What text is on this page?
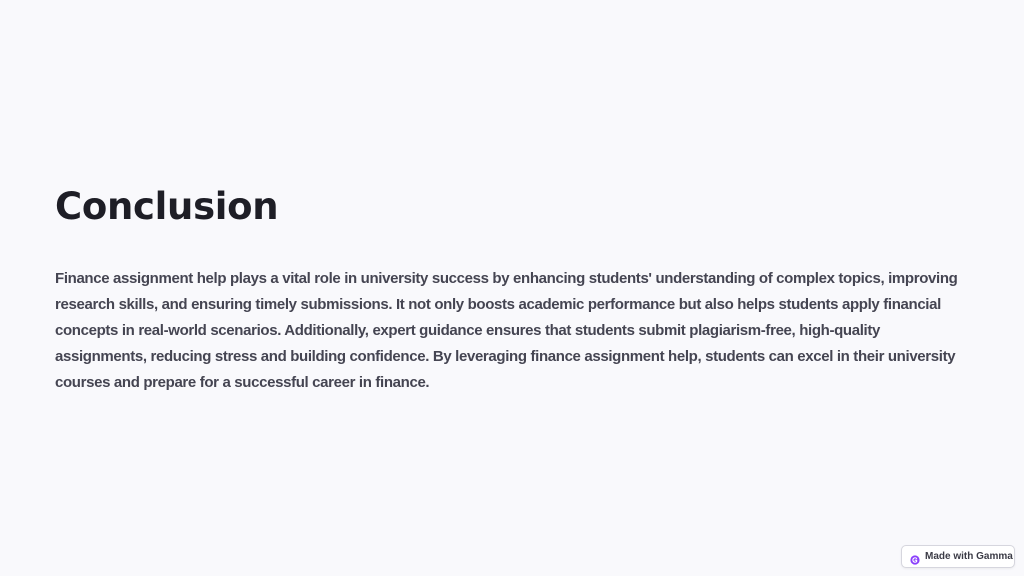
Conclusion

Finance assignment help plays a vital role in university success by enhancing students' understanding of complex topics, improving research skills, and ensuring timely submissions. It not only boosts academic performance but also helps students apply financial concepts in real-world scenarios. Additionally, expert guidance ensures that students submit plagiarism-free, high-quality assignments, reducing stress and building confidence. By leveraging finance assignment help, students can excel in their university courses and prepare for a successful career in finance.

Made with Gamma
